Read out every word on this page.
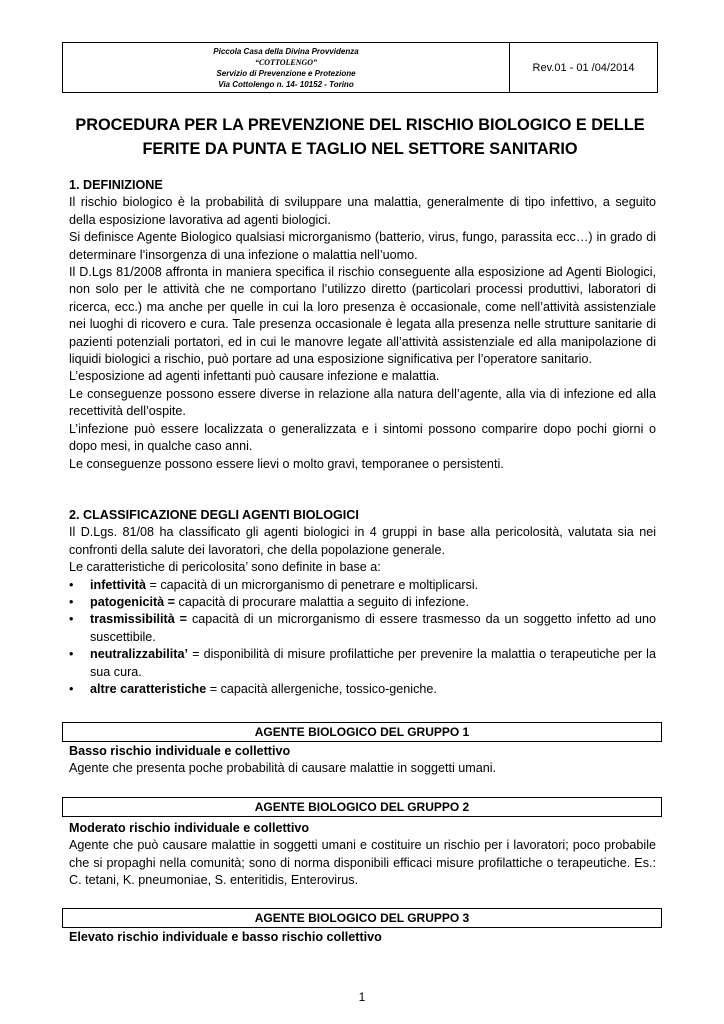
Piccola Casa della Divina Provvidenza
“COTTOLENGO”
Servizio di Prevenzione e Protezione
Via Cottolengo n. 14- 10152 - Torino
Rev.01 - 01 /04/2014
PROCEDURA PER LA PREVENZIONE DEL RISCHIO BIOLOGICO E DELLE
FERITE DA PUNTA E TAGLIO NEL SETTORE SANITARIO

1. DEFINIZIONE

Il rischio biologico è la probabilità di sviluppare una malattia, generalmente di tipo infettivo, a seguito della esposizione lavorativa ad agenti biologici.

Si definisce Agente Biologico qualsiasi microrganismo (batterio, virus, fungo, parassita ecc…) in grado di determinare l’insorgenza di una infezione o malattia nell’uomo.

Il D.Lgs 81/2008 affronta in maniera specifica il rischio conseguente alla esposizione ad Agenti Biologici, non solo per le attività che ne comportano l’utilizzo diretto (particolari processi produttivi, laboratori di ricerca, ecc.) ma anche per quelle in cui la loro presenza è occasionale, come nell’attività assistenziale nei luoghi di ricovero e cura. Tale presenza occasionale è legata alla presenza nelle strutture sanitarie di pazienti potenziali portatori, ed in cui le manovre legate all’attività assistenziale ed alla manipolazione di liquidi biologici a rischio, può portare ad una esposizione significativa per l’operatore sanitario.

L’esposizione ad agenti infettanti può causare infezione e malattia.

Le conseguenze possono essere diverse in relazione alla natura dell’agente, alla via di infezione ed alla recettività dell’ospite.

L’infezione può essere localizzata o generalizzata e i sintomi possono comparire dopo pochi giorni o dopo mesi, in qualche caso anni.

Le conseguenze possono essere lievi o molto gravi, temporanee o persistenti.

2. CLASSIFICAZIONE DEGLI AGENTI BIOLOGICI

Il D.Lgs. 81/08 ha classificato gli agenti biologici in 4 gruppi in base alla pericolosità, valutata sia nei confronti della salute dei lavoratori, che della popolazione generale.

Le caratteristiche di pericolosita’ sono definite in base a:

• infettività = capacità di un microrganismo di penetrare e moltiplicarsi.
• patogenicità = capacità di procurare malattia a seguito di infezione.
• trasmissibilità = capacità di un microrganismo di essere trasmesso da un soggetto infetto ad uno suscettibile.
• neutralizzabilita’ = disponibilità di misure profilattiche per prevenire la malattia o terapeutiche per la sua cura.
• altre caratteristiche = capacità allergeniche, tossico-geniche.
AGENTE BIOLOGICO DEL GRUPPO 1

Basso rischio individuale e collettivo

Agente che presenta poche probabilità di causare malattie in soggetti umani.

AGENTE BIOLOGICO DEL GRUPPO 2

Moderato rischio individuale e collettivo

Agente che può causare malattie in soggetti umani e costituire un rischio per i lavoratori; poco probabile che si propaghi nella comunità; sono di norma disponibili efficaci misure profilattiche o terapeutiche. Es.: C. tetani, K. pneumoniae, S. enteritidis, Enterovirus.

AGENTE BIOLOGICO DEL GRUPPO 3

Elevato rischio individuale e basso rischio collettivo

1
